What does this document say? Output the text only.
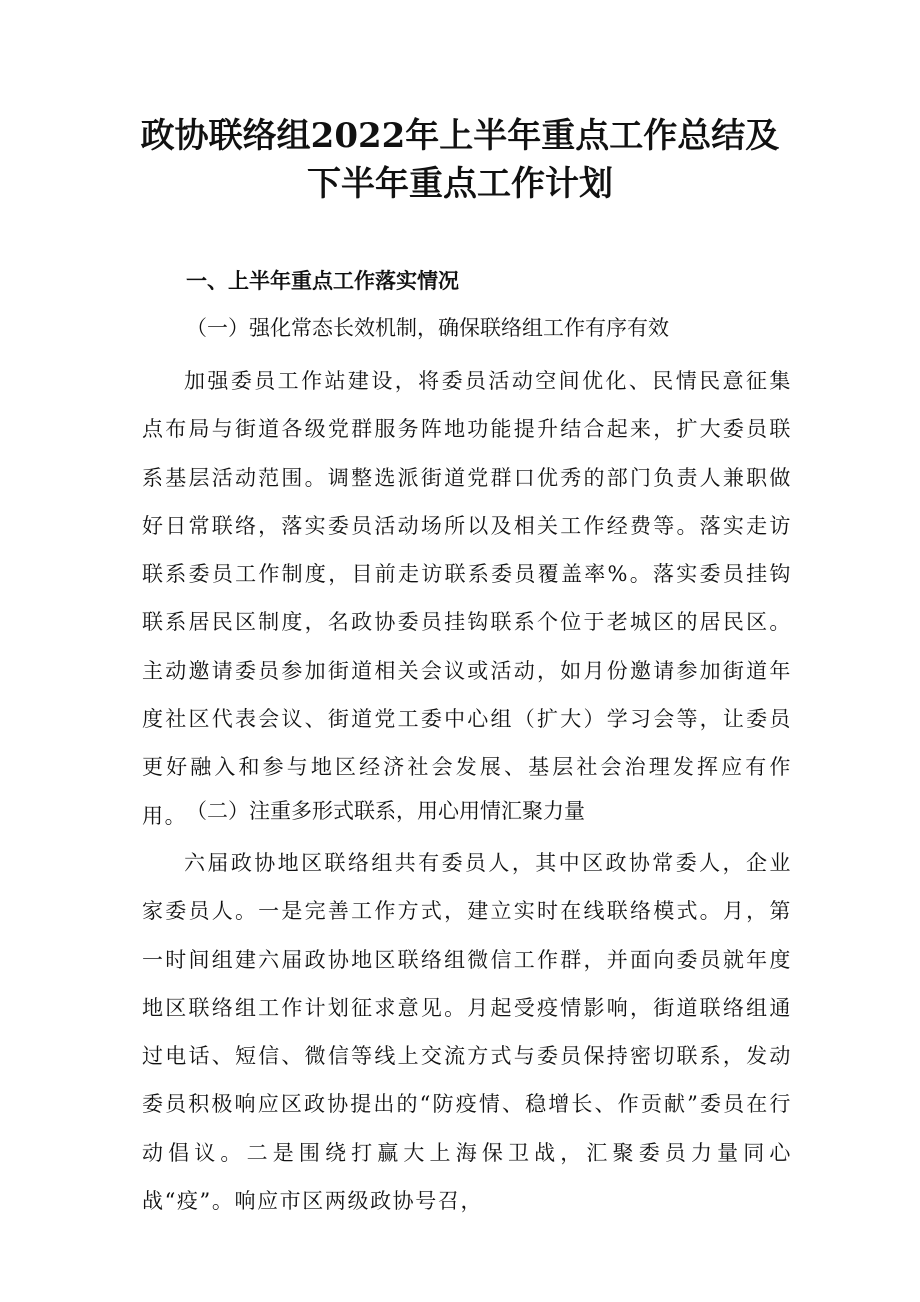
政协联络组2022年上半年重点工作总结及
下半年重点工作计划
一、上半年重点工作落实情况
（一）强化常态长效机制，确保联络组工作有序有效
加强委员工作站建设，将委员活动空间优化、民情民意征集点布局与街道各级党群服务阵地功能提升结合起来，扩大委员联系基层活动范围。调整选派街道党群口优秀的部门负责人兼职做好日常联络，落实委员活动场所以及相关工作经费等。落实走访联系委员工作制度，目前走访联系委员覆盖率%。落实委员挂钩联系居民区制度，名政协委员挂钩联系个位于老城区的居民区。主动邀请委员参加街道相关会议或活动，如月份邀请参加街道年度社区代表会议、街道党工委中心组（扩大）学习会等，让委员更好融入和参与地区经济社会发展、基层社会治理发挥应有作用。
（二）注重多形式联系，用心用情汇聚力量
六届政协地区联络组共有委员人，其中区政协常委人，企业家委员人。一是完善工作方式，建立实时在线联络模式。月，第一时间组建六届政协地区联络组微信工作群，并面向委员就年度地区联络组工作计划征求意见。月起受疫情影响，街道联络组通过电话、短信、微信等线上交流方式与委员保持密切联系，发动委员积极响应区政协提出的“防疫情、稳增长、作贡献”委员在行动倡议。二是围绕打赢大上海保卫战，汇聚委员力量同心战“疫”。响应市区两级政协号召，
